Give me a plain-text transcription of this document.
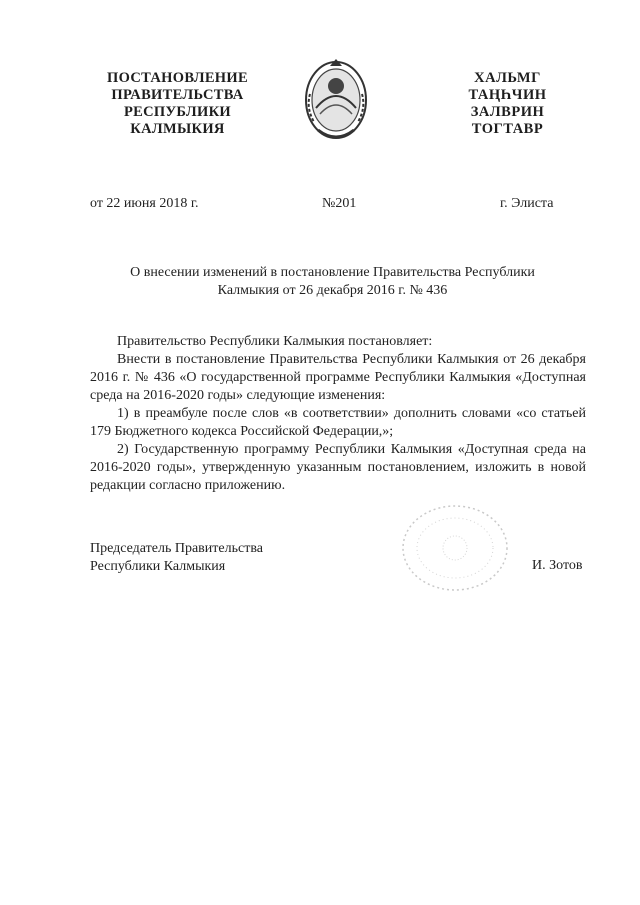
ПОСТАНОВЛЕНИЕ
ПРАВИТЕЛЬСТВА
РЕСПУБЛИКИ
КАЛМЫКИЯ
ХАЛЬМГ
ТАҢҺЧИН
ЗАЛВРИН
ТОГТАВР
от 22 июня 2018 г.	№201	г. Элиста
О внесении изменений в постановление Правительства Республики
Калмыкия от 26 декабря 2016 г. № 436

Правительство Республики Калмыкия постановляет:

Внести в постановление Правительства Республики Калмыкия от 26 декабря 2016 г. № 436 «О государственной программе Республики Калмыкия «Доступная среда на 2016-2020 годы» следующие изменения:

1) в преамбуле после слов «в соответствии» дополнить словами «со статьей 179 Бюджетного кодекса Российской Федерации,»;

2) Государственную программу Республики Калмыкия «Доступная среда на 2016-2020 годы», утвержденную указанным постановлением, изложить в новой редакции согласно приложению.

Председатель Правительства
Республики Калмыкия	И. Зотов
